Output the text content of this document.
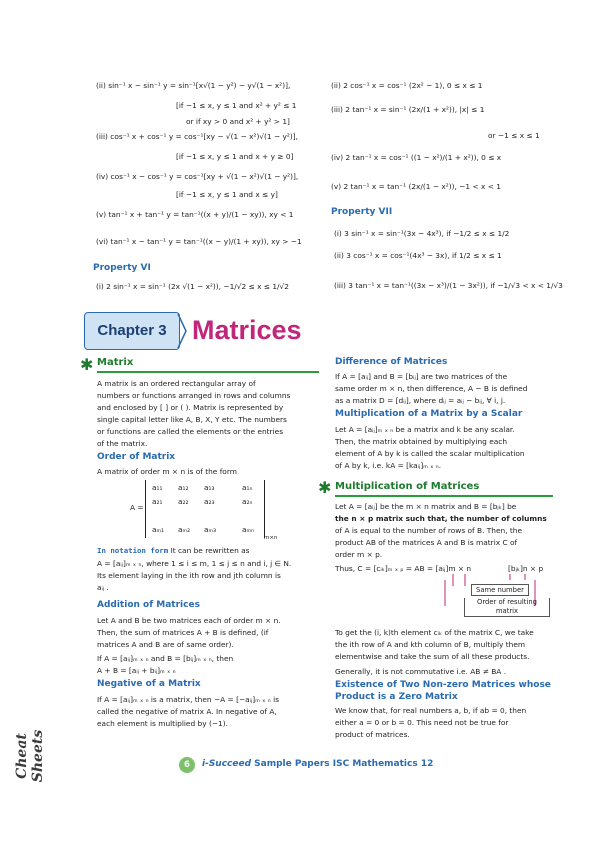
(ii) sin⁻¹ x − sin⁻¹ y = sin⁻¹[x√(1 − y²) − y√(1 − x²)],
[if −1 ≤ x, y ≤ 1 and x² + y² ≤ 1
or if xy > 0 and x² + y² > 1]
(iii) cos⁻¹ x + cos⁻¹ y = cos⁻¹[xy − √(1 − x²)√(1 − y²)],
[if −1 ≤ x, y ≤ 1 and x + y ≥ 0]
(iv) cos⁻¹ x − cos⁻¹ y = cos⁻¹[xy + √(1 − x²)√(1 − y²)],
[if −1 ≤ x, y ≤ 1 and x ≤ y]
(v) tan⁻¹ x + tan⁻¹ y = tan⁻¹((x + y)/(1 − xy)), xy < 1
(vi) tan⁻¹ x − tan⁻¹ y = tan⁻¹((x − y)/(1 + xy)), xy > −1
Property VI
(i) 2 sin⁻¹ x = sin⁻¹ (2x √(1 − x²)), −1/√2 ≤ x ≤ 1/√2
(ii) 2 cos⁻¹ x = cos⁻¹ (2x² − 1), 0 ≤ x ≤ 1
(iii) 2 tan⁻¹ x = sin⁻¹ (2x/(1 + x²)), |x| ≤ 1
or −1 ≤ x ≤ 1
(iv) 2 tan⁻¹ x = cos⁻¹ ((1 − x²)/(1 + x²)), 0 ≤ x
(v) 2 tan⁻¹ x = tan⁻¹ (2x/(1 − x²)), −1 < x < 1
Property VII
(i) 3 sin⁻¹ x = sin⁻¹(3x − 4x³), if −1/2 ≤ x ≤ 1/2
(ii) 3 cos⁻¹ x = cos⁻¹(4x³ − 3x), if 1/2 ≤ x ≤ 1
(iii) 3 tan⁻¹ x = tan⁻¹((3x − x³)/(1 − 3x²)), if −1/√3 < x < 1/√3
Chapter 3 Matrices
✱ Matrix
A matrix is an ordered rectangular array of
numbers or functions arranged in rows and columns
and enclosed by [ ] or ( ). Matrix is represented by
single capital letter like A, B, X, Y etc. The numbers
or functions are called the elements or the entries
of the matrix.
Order of Matrix
A matrix of order m × n is of the form
A =
a₁₁ a₁₂ a₁₃	a₁ₙ
a₂₁ a₂₂ a₂₃	a₂ₙ
aₘ₁ aₘ₂ aₘ₃	aₘₙ
m×n
In notation form It can be rewritten as
A = [aᵢⱼ]ₘ ₓ ₙ, where 1 ≤ i ≤ m, 1 ≤ j ≤ n and i, j ∈ N.
Its element laying in the ith row and jth column is
aᵢⱼ .
Addition of Matrices
Let A and B be two matrices each of order m × n.
Then, the sum of matrices A + B is defined, (if
matrices A and B are of same order).
If A = [aᵢⱼ]ₘ ₓ ₙ and B = [bᵢⱼ]ₘ ₓ ₙ, then
A + B = [aᵢⱼ + bᵢⱼ]ₘ ₓ ₙ
Negative of a Matrix
If A = [aᵢⱼ]ₘ ₓ ₙ is a matrix, then −A = [−aᵢⱼ]ₘ ₓ ₙ is
called the negative of matrix A. In negative of A,
each element is multiplied by (−1).
Difference of Matrices
If A = [aᵢⱼ] and B = [bᵢⱼ] are two matrices of the
same order m × n, then difference, A − B is defined
as a matrix D = [dᵢⱼ], where dᵢⱼ = aᵢⱼ − bᵢⱼ, ∀ i, j.
Multiplication of a Matrix by a Scalar
Let A = [aᵢⱼ]ₘ ₓ ₙ be a matrix and k be any scalar.
Then, the matrix obtained by multiplying each
element of A by k is called the scalar multiplication
of A by k, i.e. kA = [kaᵢⱼ]ₘ ₓ ₙ.
✱ Multiplication of Matrices
Let A = [aᵢⱼ] be the m × n matrix and B = [bⱼₖ] be
the n × p matrix such that, the number of columns
of A is equal to the number of rows of B. Then, the
product AB of the matrices A and B is matrix C of
order m × p.
Thus, C = [cᵢₖ]ₘ ₓ ₚ = AB = [aᵢⱼ]m × n	[bⱼₖ]n × p
Same number
Order of resulting
matrix
To get the (i, k)th element cᵢₖ of the matrix C, we take
the ith row of A and kth column of B, multiply them
elementwise and take the sum of all these products.
Generally, it is not commutative i.e. AB ≠ BA .
Existence of Two Non-zero Matrices whose
Product is a Zero Matrix
We know that, for real numbers a, b, if ab = 0, then
either a = 0 or b = 0. This need not be true for
product of matrices.
Cheat Sheets	6	i-Succeed Sample Papers ISC Mathematics 12
